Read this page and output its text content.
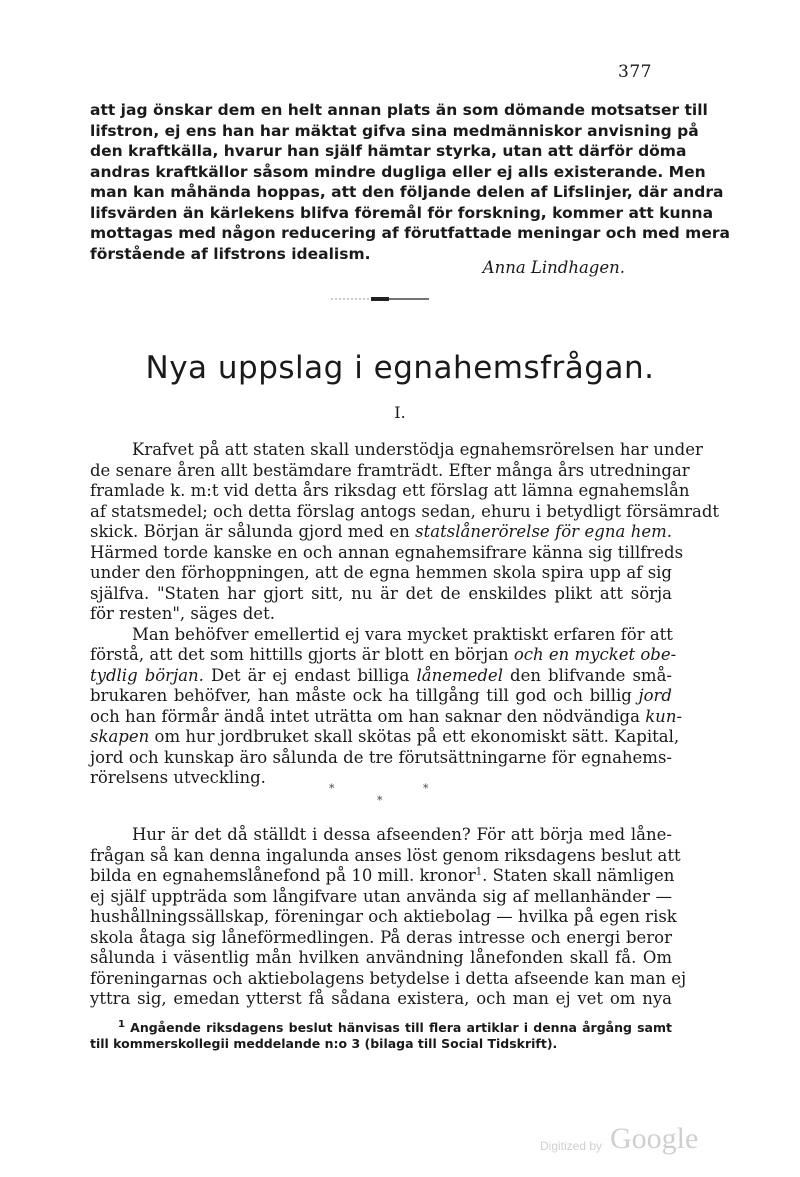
377

att jag önskar dem en helt annan plats än som dömande motsatser till
lifstron, ej ens han har mäktat gifva sina medmänniskor anvisning på
den kraftkälla, hvarur han själf hämtar styrka, utan att därför döma
andras kraftkällor såsom mindre dugliga eller ej alls existerande. Men
man kan måhända hoppas, att den följande delen af Lifslinjer, där andra
lifsvärden än kärlekens blifva föremål för forskning, kommer att kunna
mottagas med någon reducering af förutfattade meningar och med mera
förstående af lifstrons idealism.

Anna Lindhagen.
Nya uppslag i egnahemsfrågan.
I.

Krafvet på att staten skall understödja egnahemsrörelsen har under
de senare åren allt bestämdare framträdt. Efter många års utredningar
framlade k. m:t vid detta års riksdag ett förslag att lämna egnahemslån
af statsmedel; och detta förslag antogs sedan, ehuru i betydligt försämradt
skick. Början är sålunda gjord med en statslånerörelse för egna hem.
Härmed torde kanske en och annan egnahemsifrare känna sig tillfreds
under den förhoppningen, att de egna hemmen skola spira upp af sig
själfva. "Staten har gjort sitt, nu är det de enskildes plikt att sörja
för resten", säges det.

Man behöfver emellertid ej vara mycket praktiskt erfaren för att
förstå, att det som hittills gjorts är blott en början och en mycket obe-
tydlig början. Det är ej endast billiga lånemedel den blifvande små-
brukaren behöfver, han måste ock ha tillgång till god och billig jord
och han förmår ändå intet uträtta om han saknar den nödvändiga kun-
skapen om hur jordbruket skall skötas på ett ekonomiskt sätt. Kapital,
jord och kunskap äro sålunda de tre förutsättningarne för egnahems-
rörelsens utveckling.

*
*
*

Hur är det då ställdt i dessa afseenden? För att börja med låne-
frågan så kan denna ingalunda anses löst genom riksdagens beslut att
bilda en egnahemslånefond på 10 mill. kronor$^1$. Staten skall nämligen
ej själf uppträda som långifvare utan använda sig af mellanhänder —
hushållningssällskap, föreningar och aktiebolag — hvilka på egen risk
skola åtaga sig låneförmedlingen. På deras intresse och energi beror
sålunda i väsentlig mån hvilken användning lånefonden skall få. Om
föreningarnas och aktiebolagens betydelse i detta afseende kan man ej
yttra sig, emedan ytterst få sådana existera, och man ej vet om nya

$^1$ Angående riksdagens beslut hänvisas till flera artiklar i denna årgång samt
till kommerskollegii meddelande n:o 3 (bilaga till Social Tidskrift).

Digitized by Google
